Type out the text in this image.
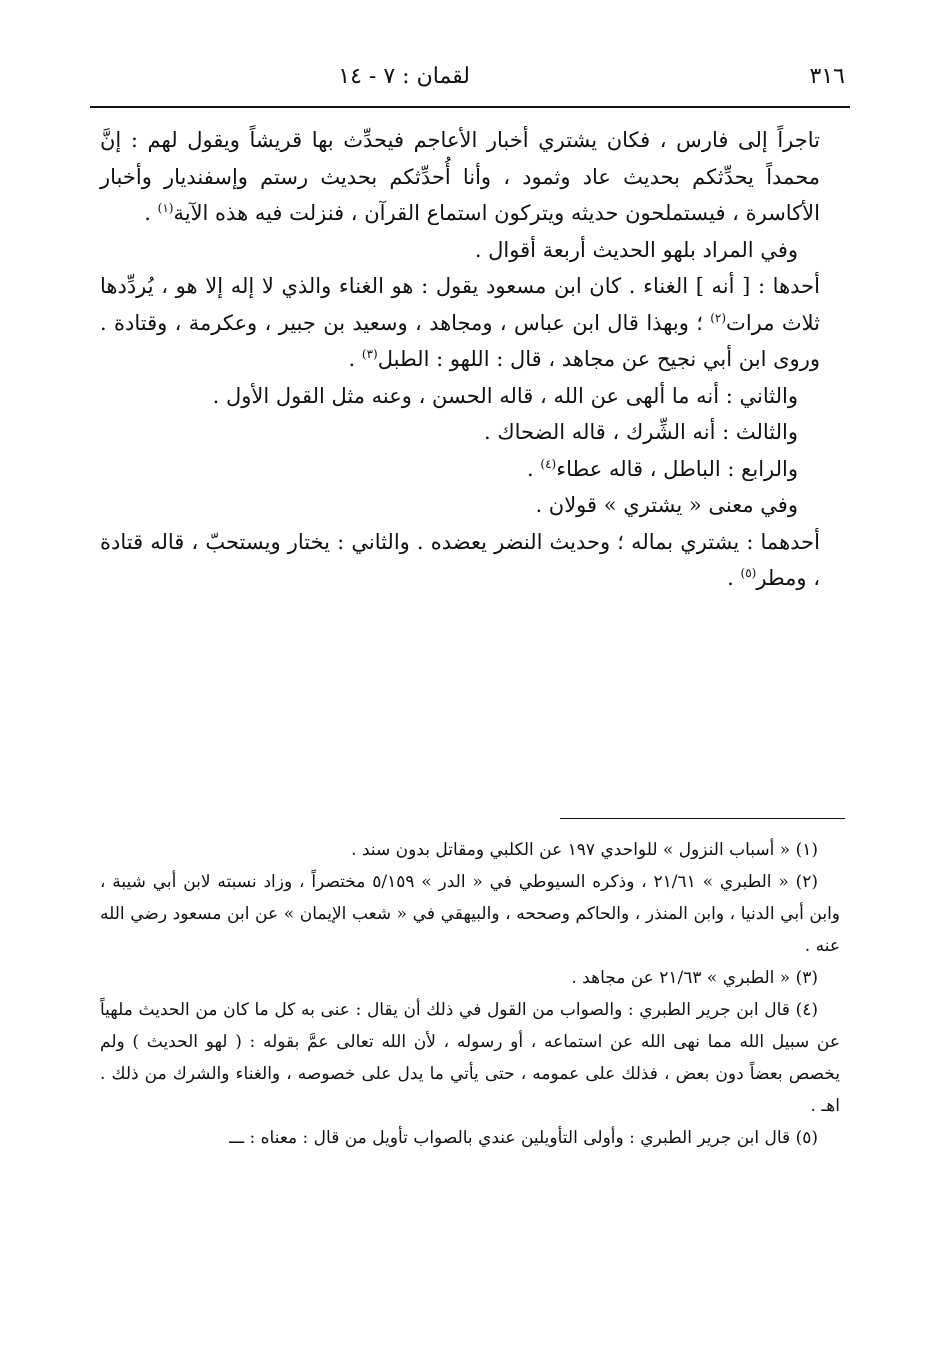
٣١٦
لقمان : ٧ - ١٤

تاجراً إلى فارس ، فكان يشتري أخبار الأعاجم فيحدِّث بها قريشاً ويقول لهم : إنَّ محمداً يحدِّثكم بحديث عاد وثمود ، وأنا أُحدِّثكم بحديث رستم وإسفنديار وأخبار الأكاسرة ، فيستملحون حديثه ويتركون استماع القرآن ، فنزلت فيه هذه الآية$^{(١)}$ .

وفي المراد بلهو الحديث أربعة أقوال .

أحدها : [ أنه ] الغناء . كان ابن مسعود يقول : هو الغناء والذي لا إله إلا هو ، يُردِّدها ثلاث مرات$^{(٢)}$ ؛ وبهذا قال ابن عباس ، ومجاهد ، وسعيد بن جبير ، وعكرمة ، وقتادة . وروى ابن أبي نجيح عن مجاهد ، قال : اللهو : الطبل$^{(٣)}$ .

والثاني : أنه ما ألهى عن الله ، قاله الحسن ، وعنه مثل القول الأول .

والثالث : أنه الشِّرك ، قاله الضحاك .

والرابع : الباطل ، قاله عطاء$^{(٤)}$ .

وفي معنى « يشتري » قولان .

أحدهما : يشتري بماله ؛ وحديث النضر يعضده . والثاني : يختار ويستحبّ ، قاله قتادة ، ومطر$^{(٥)}$ .

(١) « أسباب النزول » للواحدي ١٩٧ عن الكلبي ومقاتل بدون سند .

(٢) « الطبري » ٢١/٦١ ، وذكره السيوطي في « الدر » ٥/١٥٩ مختصراً ، وزاد نسبته لابن أبي شيبة ، وابن أبي الدنيا ، وابن المنذر ، والحاكم وصححه ، والبيهقي في « شعب الإيمان » عن ابن مسعود رضي الله عنه .

(٣) « الطبري » ٢١/٦٣ عن مجاهد .

(٤) قال ابن جرير الطبري : والصواب من القول في ذلك أن يقال : عنى به كل ما كان من الحديث ملهياً عن سبيل الله مما نهى الله عن استماعه ، أو رسوله ، لأن الله تعالى عمَّ بقوله : ( لهو الحديث ) ولم يخصص بعضاً دون بعض ، فذلك على عمومه ، حتى يأتي ما يدل على خصوصه ، والغناء والشرك من ذلك . اهـ .

(٥) قال ابن جرير الطبري : وأولى التأويلين عندي بالصواب تأويل من قال : معناه : ـــ
